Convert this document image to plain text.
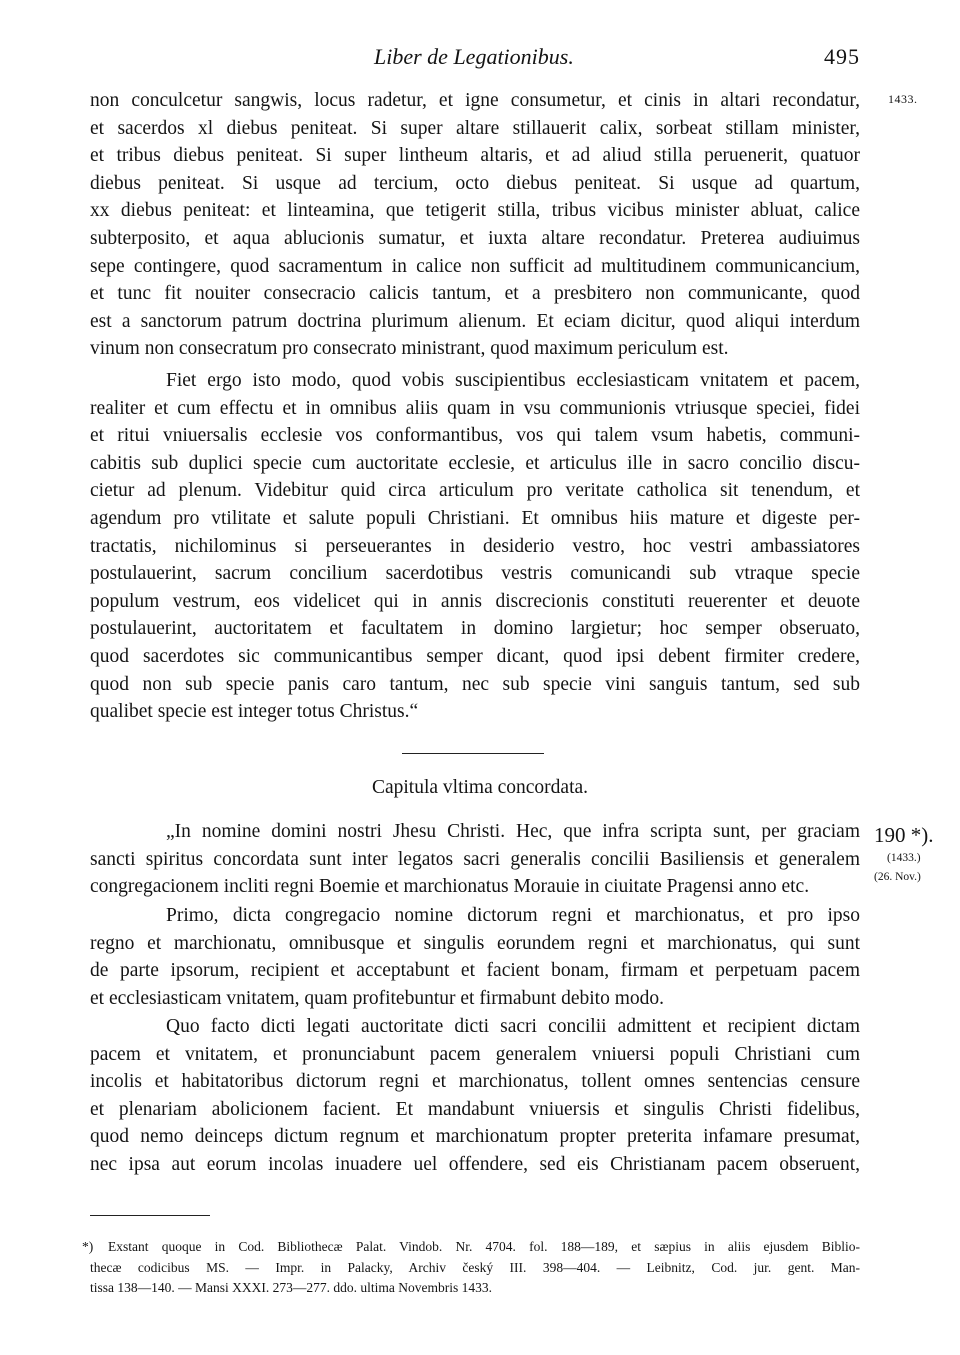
Liber de Legationibus.	495
1433.

non conculcetur sangwis, locus radetur, et igne consumetur, et cinis in altari recondatur,

et sacerdos xl diebus peniteat. Si super altare stillauerit calix, sorbeat stillam minister,

et tribus diebus peniteat. Si super lintheum altaris, et ad aliud stilla peruenerit, quatuor

diebus peniteat. Si usque ad tercium, octo diebus peniteat. Si usque ad quartum,

xx diebus peniteat: et linteamina, que tetigerit stilla, tribus vicibus minister abluat, calice

subterposito, et aqua ablucionis sumatur, et iuxta altare recondatur. Preterea audiuimus

sepe contingere, quod sacramentum in calice non sufficit ad multitudinem communicancium,

et tunc fit nouiter consecracio calicis tantum, et a presbitero non communicante, quod

est a sanctorum patrum doctrina plurimum alienum. Et eciam dicitur, quod aliqui interdum

vinum non consecratum pro consecrato ministrant, quod maximum periculum est.

Fiet ergo isto modo, quod vobis suscipientibus ecclesiasticam vnitatem et pacem,

realiter et cum effectu et in omnibus aliis quam in vsu communionis vtriusque speciei, fidei

et ritui vniuersalis ecclesie vos conformantibus, vos qui talem vsum habetis, communi-

cabitis sub duplici specie cum auctoritate ecclesie, et articulus ille in sacro concilio discu-

cietur ad plenum. Videbitur quid circa articulum pro veritate catholica sit tenendum, et

agendum pro vtilitate et salute populi Christiani. Et omnibus hiis mature et digeste per-

tractatis, nichilominus si perseuerantes in desiderio vestro, hoc vestri ambassiatores

postulauerint, sacrum concilium sacerdotibus vestris comunicandi sub vtraque specie

populum vestrum, eos videlicet qui in annis discrecionis constituti reuerenter et deuote

postulauerint, auctoritatem et facultatem in domino largietur; hoc semper obseruato,

quod sacerdotes sic communicantibus semper dicant, quod ipsi debent firmiter credere,

quod non sub specie panis caro tantum, nec sub specie vini sanguis tantum, sed sub

qualibet specie est integer totus Christus.“

Capitula vltima concordata.
190 *).
(1433.)
(26. Nov.)

„In nomine domini nostri Jhesu Christi. Hec, que infra scripta sunt, per graciam

sancti spiritus concordata sunt inter legatos sacri generalis concilii Basiliensis et generalem

congregacionem incliti regni Boemie et marchionatus Morauie in ciuitate Pragensi anno etc.

Primo, dicta congregacio nomine dictorum regni et marchionatus, et pro ipso

regno et marchionatu, omnibusque et singulis eorundem regni et marchionatus, qui sunt

de parte ipsorum, recipient et acceptabunt et facient bonam, firmam et perpetuam pacem

et ecclesiasticam vnitatem, quam profitebuntur et firmabunt debito modo.

Quo facto dicti legati auctoritate dicti sacri concilii admittent et recipient dictam

pacem et vnitatem, et pronunciabunt pacem generalem vniuersi populi Christiani cum

incolis et habitatoribus dictorum regni et marchionatus, tollent omnes sentencias censure

et plenariam abolicionem facient. Et mandabunt vniuersis et singulis Christi fidelibus,

quod nemo deinceps dictum regnum et marchionatum propter preterita infamare presumat,

nec ipsa aut eorum incolas inuadere uel offendere, sed eis Christianam pacem obseruent,

*)	Exstant quoque in Cod. Bibliothecæ Palat. Vindob. Nr. 4704. fol. 188—189, et sæpius in aliis ejusdem Biblio-

thecæ codicibus MS. — Impr. in Palacky, Archiv český III. 398—404. — Leibnitz, Cod. jur. gent. Man-

tissa 138—140. — Mansi XXXI. 273—277. ddo. ultima Novembris 1433.
